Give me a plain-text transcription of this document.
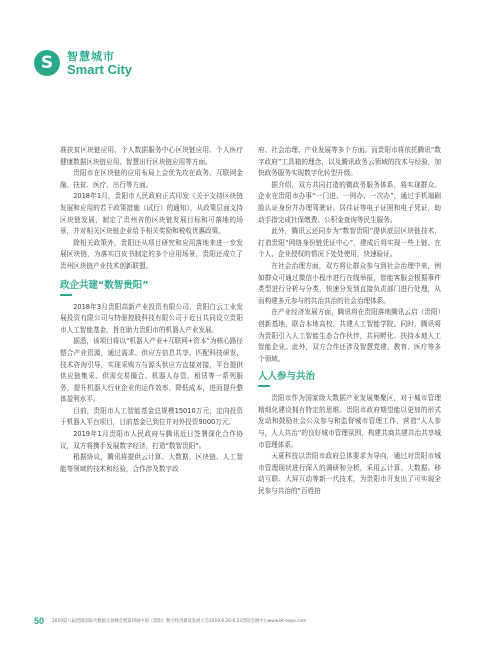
S	智慧城市
Smart City

准扶贫区块链应用、个人数据服务中心区块链应用、个人医疗健康数据区块链应用、智慧出行区块链应用等方面。

贵阳市在区块链的应用布局上会优先攻在政务、互联网金融、扶贫、医疗、出行等方面。

2018年1月，贵阳市人民政府正式印发《关于支持区块链发展和应用的若干政策措施（试行）的通知》，从政策层面支持区块链发展，制定了贵州省的区块链发展目标和可落地的场景，并对相关区块链企业给予相关奖励和税收优惠政策。

除相关政策外，贵阳还从项目研究和应用落地来进一步发展区块链，为落实白皮书制定的多个应用场景，贵阳还成立了贵州区块链产业技术创新联盟。

政企共建“数智贵阳”

2018年3月贵阳高新产业投资有限公司、贵阳白云工业发展投资有限公司与特驱控股科技有限公司于近日共同设立贵阳市人工智能基金，旨在助力贵阳市的机器人产业发展。

据悉，该项目将以“机器人产业+互联网+资本”为核心路径整合产业资源，通过需求、供应方信息共享，匹配科技研发、技术咨询引导，实现采购方与源头供应方直接对接，平台提供供应链集采、供需交易撮合、机器人存管、租赁等一系列服务，提升机器人行业企业的运作效率、降低成本，进而提升整体盈利水平。

目前，贵阳市人工智能基金总规模15010万元，定向投资于机器人平台项目，目前基金已到位并对外投资9000万元。

2019年1月贵阳市人民政府与腾讯近日签署深化合作协议，双方将携手发展数字经济，打造“数智贵阳”。

根据协议，腾讯将提供云计算、大数据、区块链、人工智能等领域的技术和经验，合作涉及数字政

府、社会治理、产业发展等多个方面。而贵阳市将依托腾讯“数字政府”工具箱的理念，以及腾讯政务云领域的技术与经验，加快政务服务实现数字化转型升级。

据介绍，双方共同打造的微政务服务体系，将实现群众、企业在贵阳市办事“一门进、一网办、一次办”，通过手机端刷脸认证身份并办理驾驶证、居住证等电子证照和电子凭证，助动手指完成社保缴费、公积金查询等民生服务。

此外，腾讯云还同步为“数智贵阳”提供底层区块链技术，打造贵阳“网络身份链凭证中心”，建成后将实现一些上链、在个人、企业授权的情况下处处使用，快速验证。

在社会治理方面，双方将让群众参与到社会治理中来，例如群众可通过微信小程序进行在线举报，智能客服会根据事件类型进行分析与分类，快速分发到直接负责部门进行处理，从而构建多元参与的共治共治的社会治理体系。

在产业经济发展方面，腾讯将在贵阳落地腾讯云启（贵阳）创新基地，联合本地高校，共建人工智能学院。同时，腾讯将为贵阳引入人工智能生态合作伙伴，共同孵化、扶持本地人工智能企业。此外，双方合作还涉及智慧党建、教育、医疗等多个领域。

人人参与共治

贵阳市作为国家级大数据产业发展集聚区，对于城市管理精细化建设拥有特定的思维。贵阳市政府期望能以更加的形式发动和鼓励社会公众参与和监督城市管理工作，营造“人人参与，人人共治”的良好城市管理氛围，构建共商共建共治共享城市管理体系。

天夏科技以贵阳市政府总体要求为导向，通过对贵阳市城市管理现状进行深入的调研和分析，采用云计算、大数据、移动互联、大屏互动等新一代技术，为贵阳市开发出了可实现全民参与共治的“百姓拍

50 2019第八届贵阳国际大数据交易峰会暨第四届中国（贵阳）数字经济建设发展大会2019.6.20-6.22贵阳会展中心www.bt-expo.com
